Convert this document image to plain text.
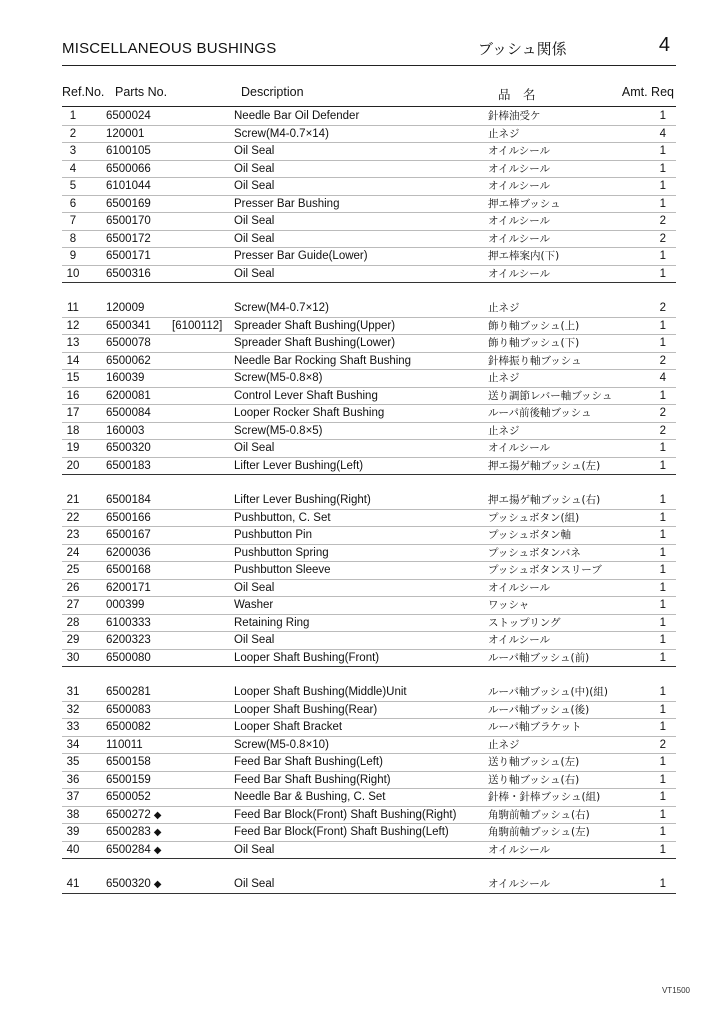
MISCELLANEOUS BUSHINGS	ブッシュ関係	4
Ref.No. Parts No.	Description	品　名	Amt. Req
1	6500024	Needle Bar Oil Defender	針棒油受ケ	1
2	120001	Screw(M4-0.7×14)	止ネジ	4
3	6100105	Oil Seal	オイルシール	1
4	6500066	Oil Seal	オイルシール	1
5	6101044	Oil Seal	オイルシール	1
6	6500169	Presser Bar Bushing	押エ棒ブッシュ	1
7	6500170	Oil Seal	オイルシール	2
8	6500172	Oil Seal	オイルシール	2
9	6500171	Presser Bar Guide(Lower)	押エ棒案内(下)	1
10	6500316	Oil Seal	オイルシール	1
11	120009	Screw(M4-0.7×12)	止ネジ	2
12	6500341 [6100112] Spreader Shaft Bushing(Upper)	飾り軸ブッシュ(上)	1
13	6500078	Spreader Shaft Bushing(Lower)	飾り軸ブッシュ(下)	1
14	6500062	Needle Bar Rocking Shaft Bushing	針棒振り軸ブッシュ	2
15	160039	Screw(M5-0.8×8)	止ネジ	4
16	6200081	Control Lever Shaft Bushing	送り調節レバー軸ブッシュ	1
17	6500084	Looper Rocker Shaft Bushing	ルーパ前後軸ブッシュ	2
18	160003	Screw(M5-0.8×5)	止ネジ	2
19	6500320	Oil Seal	オイルシール	1
20	6500183	Lifter Lever Bushing(Left)	押エ揚ゲ軸ブッシュ(左)	1
21	6500184	Lifter Lever Bushing(Right)	押エ揚ゲ軸ブッシュ(右)	1
22	6500166	Pushbutton, C. Set	プッシュボタン(組)	1
23	6500167	Pushbutton Pin	プッシュボタン軸	1
24	6200036	Pushbutton Spring	プッシュボタンバネ	1
25	6500168	Pushbutton Sleeve	プッシュボタンスリーブ	1
26	6200171	Oil Seal	オイルシール	1
27	000399	Washer	ワッシャ	1
28	6100333	Retaining Ring	ストップリング	1
29	6200323	Oil Seal	オイルシール	1
30	6500080	Looper Shaft Bushing(Front)	ルーパ軸ブッシュ(前)	1
31	6500281	Looper Shaft Bushing(Middle)Unit	ルーパ軸ブッシュ(中)(組)	1
32	6500083	Looper Shaft Bushing(Rear)	ルーパ軸ブッシュ(後)	1
33	6500082	Looper Shaft Bracket	ルーパ軸ブラケット	1
34	110011	Screw(M5-0.8×10)	止ネジ	2
35	6500158	Feed Bar Shaft Bushing(Left)	送り軸ブッシュ(左)	1
36	6500159	Feed Bar Shaft Bushing(Right)	送り軸ブッシュ(右)	1
37	6500052	Needle Bar & Bushing, C. Set	針棒・針棒ブッシュ(組)	1
38	6500272 ◆	Feed Bar Block(Front) Shaft Bushing(Right)	角駒前軸ブッシュ(右)	1
39	6500283 ◆	Feed Bar Block(Front) Shaft Bushing(Left)	角駒前軸ブッシュ(左)	1
40	6500284 ◆	Oil Seal	オイルシール	1
41	6500320 ◆	Oil Seal	オイルシール	1
VT1500
